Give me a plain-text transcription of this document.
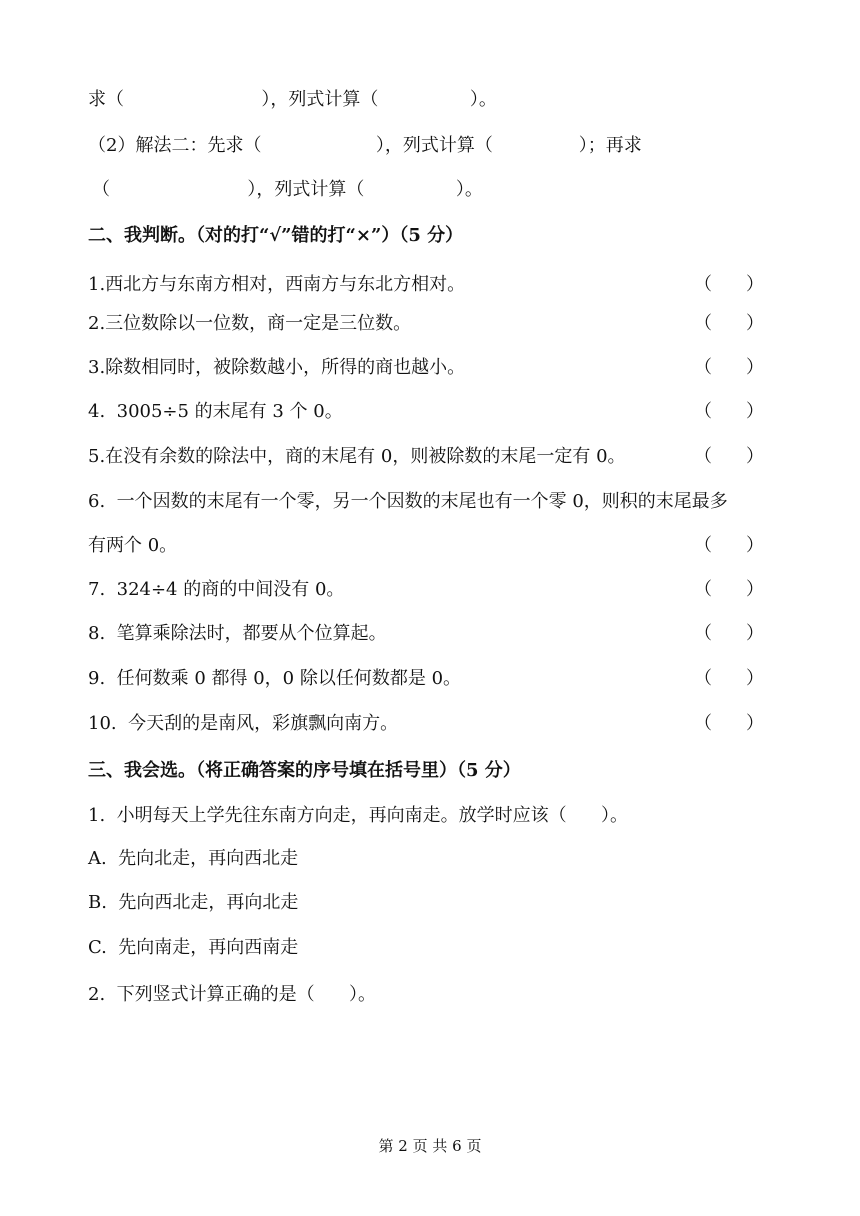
求（                        ），列式计算（                ）。
（2）解法二：先求（                    ），列式计算（               ）；再求
（                        ），列式计算（                ）。
二、我判断。（对的打“√”错的打“×”）（5 分）
1.西北方与东南方相对，西南方与东北方相对。	（ ）
2.三位数除以一位数，商一定是三位数。	（ ）
3.除数相同时，被除数越小，所得的商也越小。	（ ）
4.  3005÷5 的末尾有 3 个 0。	（ ）
5.在没有余数的除法中，商的末尾有 0，则被除数的末尾一定有 0。	（ ）
6.  一个因数的末尾有一个零，另一个因数的末尾也有一个零 0，则积的末尾最多
有两个 0。	（ ）
7.  324÷4 的商的中间没有 0。	（ ）
8.  笔算乘除法时，都要从个位算起。	（ ）
9.  任何数乘 0 都得 0，0 除以任何数都是 0。	（ ）
10.  今天刮的是南风，彩旗飘向南方。	（ ）
三、我会选。（将正确答案的序号填在括号里）（5 分）
1.  小明每天上学先往东南方向走，再向南走。放学时应该（      ）。
A.  先向北走，再向西北走
B.  先向西北走，再向北走
C.  先向南走，再向西南走
2.  下列竖式计算正确的是（      ）。
第 2 页 共 6 页
